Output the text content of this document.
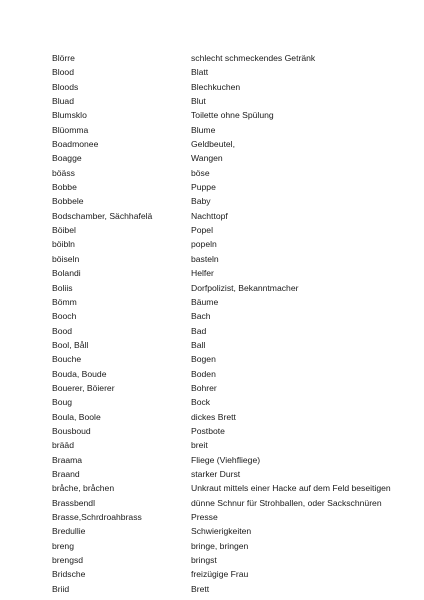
Blörre	schlecht schmeckendes Getränk
Blood	Blatt
Bloods	Blechkuchen
Bluad	Blut
Blumsklo	Toilette ohne Spülung
Blüomma	Blume
Boadmonee	Geldbeutel,
Boagge	Wangen
böäss	böse
Bobbe	Puppe
Bobbele	Baby
Bodschamber, Sächhafelä	Nachttopf
Böibel	Popel
böibln	popeln
böiseln	basteln
Bolandi	Helfer
Boliis	Dorfpolizist, Bekanntmacher
Bömm	Bäume
Booch	Bach
Bood	Bad
Bool, Båll	Ball
Bouche	Bogen
Bouda, Boude	Boden
Bouerer, Böierer	Bohrer
Boug	Bock
Boula, Boole	dickes Brett
Bousboud	Postbote
bräād	breit
Braama	Fliege (Viehfliege)
Braand	starker Durst
bråche, bråchen	Unkraut mittels einer Hacke auf dem Feld beseitigen
Brassbendl	dünne Schnur für Strohballen, oder Sackschnüren
Brasse,Schrdroahbrass	Presse
Bredullie	Schwierigkeiten
breng	bringe, bringen
brengsd	bringst
Bridsche	freizügige Frau
Briid	Brett
